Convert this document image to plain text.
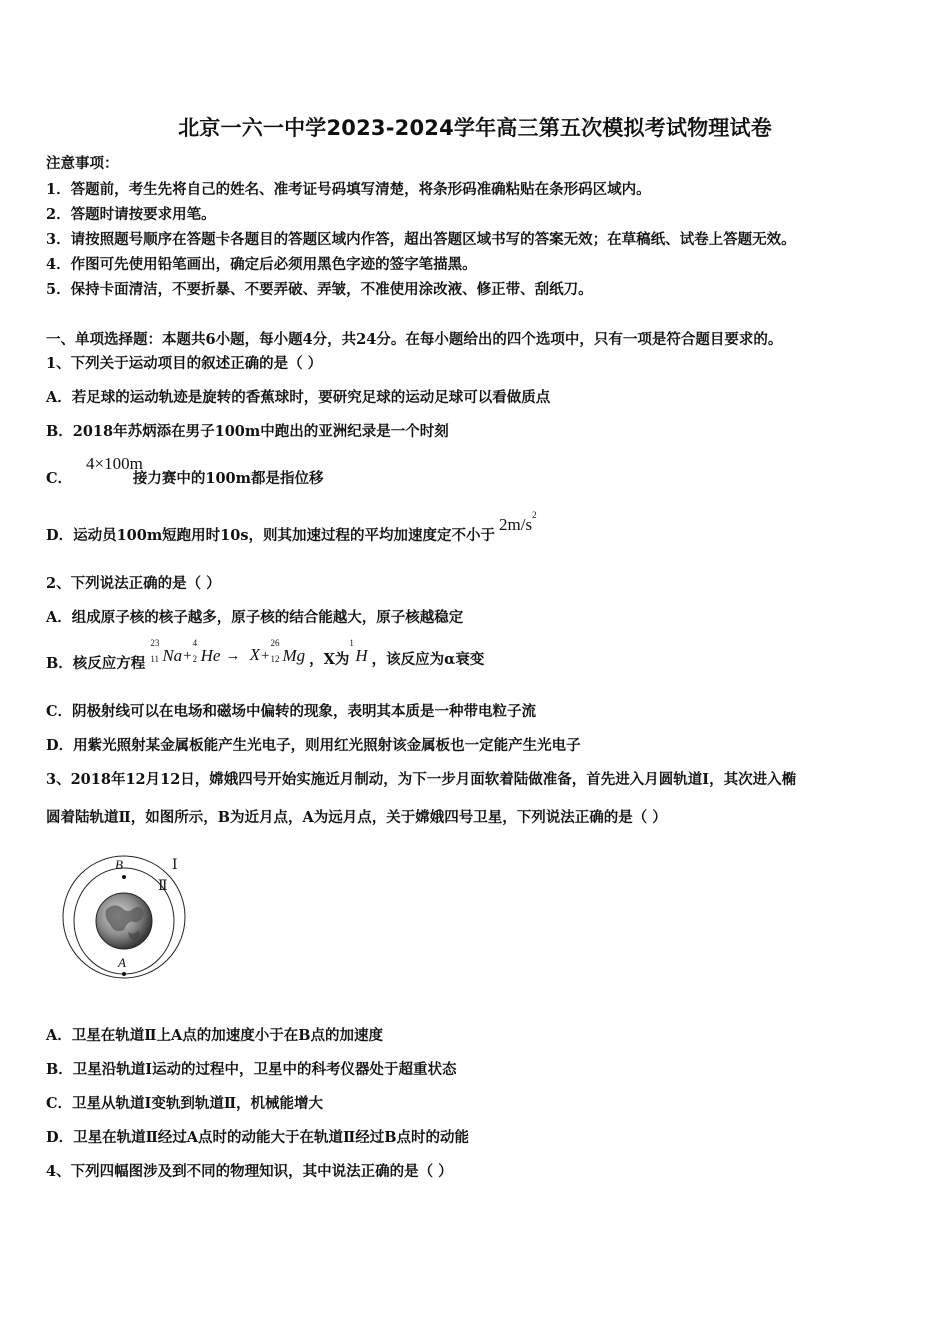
北京一六一中学2023-2024学年高三第五次模拟考试物理试卷
注意事项：
1．答题前，考生先将自己的姓名、准考证号码填写清楚，将条形码准确粘贴在条形码区域内。
2．答题时请按要求用笔。
3．请按照题号顺序在答题卡各题目的答题区域内作答，超出答题区域书写的答案无效；在草稿纸、试卷上答题无效。
4．作图可先使用铅笔画出，确定后必须用黑色字迹的签字笔描黑。
5．保持卡面清洁，不要折暴、不要弄破、弄皱，不准使用涂改液、修正带、刮纸刀。
一、单项选择题：本题共6小题，每小题4分，共24分。在每小题给出的四个选项中，只有一项是符合题目要求的。
1、下列关于运动项目的叙述正确的是（ ）
A．若足球的运动轨迹是旋转的香蕉球时，要研究足球的运动足球可以看做质点
B．2018年苏炳添在男子100m中跑出的亚洲纪录是一个时刻
C．4×100m接力赛中的100m都是指位移
D．运动员100m短跑用时10s，则其加速过程的平均加速度定不小于$2m/s^2$
2、下列说法正确的是（ ）
A．组成原子核的核子越多，原子核的结合能越大，原子核越稳定
B．核反应方程
23
11 Na+
4
2 He → X+
26
12 Mg ，X为
1
H ，该反应为α衰变
C．阴极射线可以在电场和磁场中偏转的现象，表明其本质是一种带电粒子流
D．用紫光照射某金属板能产生光电子，则用红光照射该金属板也一定能产生光电子
3、2018年12月12日，嫦娥四号开始实施近月制动，为下一步月面软着陆做准备，首先进入月圆轨道Ⅰ，其次进入椭
圆着陆轨道Ⅱ，如图所示，B为近月点，A为远月点，关于嫦娥四号卫星，下列说法正确的是（ ）
B
A
Ⅰ
Ⅱ
A．卫星在轨道Ⅱ上A点的加速度小于在B点的加速度
B．卫星沿轨道Ⅰ运动的过程中，卫星中的科考仪器处于超重状态
C．卫星从轨道Ⅰ变轨到轨道Ⅱ，机械能增大
D．卫星在轨道Ⅱ经过A点时的动能大于在轨道Ⅱ经过B点时的动能
4、下列四幅图涉及到不同的物理知识，其中说法正确的是（ ）
